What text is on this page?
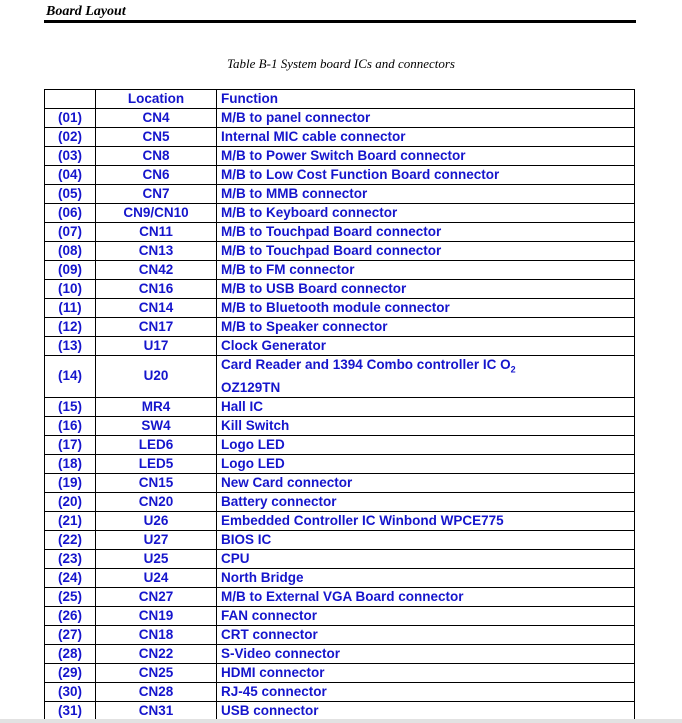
Board Layout
Table B-1 System board ICs and connectors
	Location	Function
(01)	CN4	M/B to panel connector
(02)	CN5	Internal MIC cable connector
(03)	CN8	M/B to Power Switch Board connector
(04)	CN6	M/B to Low Cost Function Board connector
(05)	CN7	M/B to MMB connector
(06)	CN9/CN10	M/B to Keyboard connector
(07)	CN11	M/B to Touchpad Board connector
(08)	CN13	M/B to Touchpad Board connector
(09)	CN42	M/B to FM connector
(10)	CN16	M/B to USB Board connector
(11)	CN14	M/B to Bluetooth module connector
(12)	CN17	M/B to Speaker connector
(13)	U17	Clock Generator
(14)	U20	Card Reader and 1394 Combo controller IC $O_2$
OZ129TN
(15)	MR4	Hall IC
(16)	SW4	Kill Switch
(17)	LED6	Logo LED
(18)	LED5	Logo LED
(19)	CN15	New Card connector
(20)	CN20	Battery connector
(21)	U26	Embedded Controller IC Winbond WPCE775
(22)	U27	BIOS IC
(23)	U25	CPU
(24)	U24	North Bridge
(25)	CN27	M/B to External VGA Board connector
(26)	CN19	FAN connector
(27)	CN18	CRT connector
(28)	CN22	S-Video connector
(29)	CN25	HDMI connector
(30)	CN28	RJ-45 connector
(31)	CN31	USB connector
